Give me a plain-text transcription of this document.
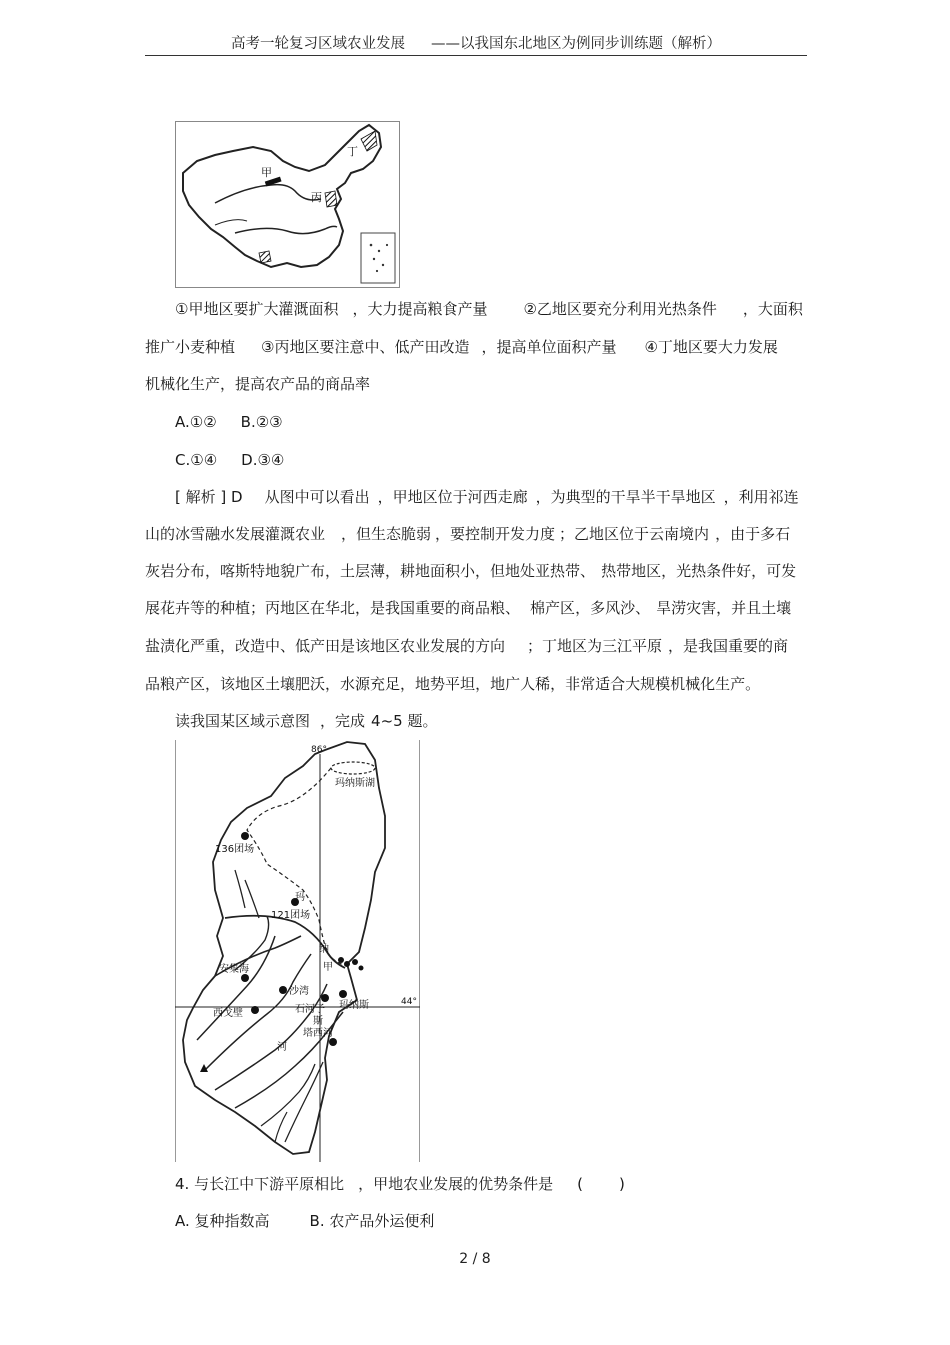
高考一轮复习区域农业发展 ——以我国东北地区为例同步训练题（解析）
甲
丙
丁
①甲地区要扩大灌溉面积 ，大力提高粮食产量 ②乙地区要充分利用光热条件 ，大面积
推广小麦种植 ③丙地区要注意中、低产田改造 ，提高单位面积产量 ④丁地区要大力发展
机械化生产，提高农产品的商品率
A.①② B.②③
C.①④ D.③④
[ 解析 ] D 从图中可以看出 ，甲地区位于河西走廊 ，为典型的干旱半干旱地区 ，利用祁连
山的冰雪融水发展灌溉农业 ，但生态脆弱 ，要控制开发力度 ；乙地区位于云南境内 ，由于多石
灰岩分布，喀斯特地貌广布，土层薄，耕地面积小，但地处亚热带、 热带地区，光热条件好，可发
展花卉等的种植；丙地区在华北，是我国重要的商品粮、 棉产区，多风沙、 旱涝灾害，并且土壤
盐渍化严重，改造中、低产田是该地区农业发展的方向 ；丁地区为三江平原 ，是我国重要的商
品粮产区，该地区土壤肥沃，水源充足，地势平坦，地广人稀，非常适合大规模机械化生产。
读我国某区域示意图 ，完成 4~5 题。
86°
44°
玛纳斯湖
136团场
玛
121团场
纳
甲
安集海
沙湾
石河子 玛纳斯
西戈壁
斯
塔西河
河
4. 与长江中下游平原相比 ，甲地农业发展的优势条件是 ( )
A. 复种指数高	B. 农产品外运便利
2 / 8
